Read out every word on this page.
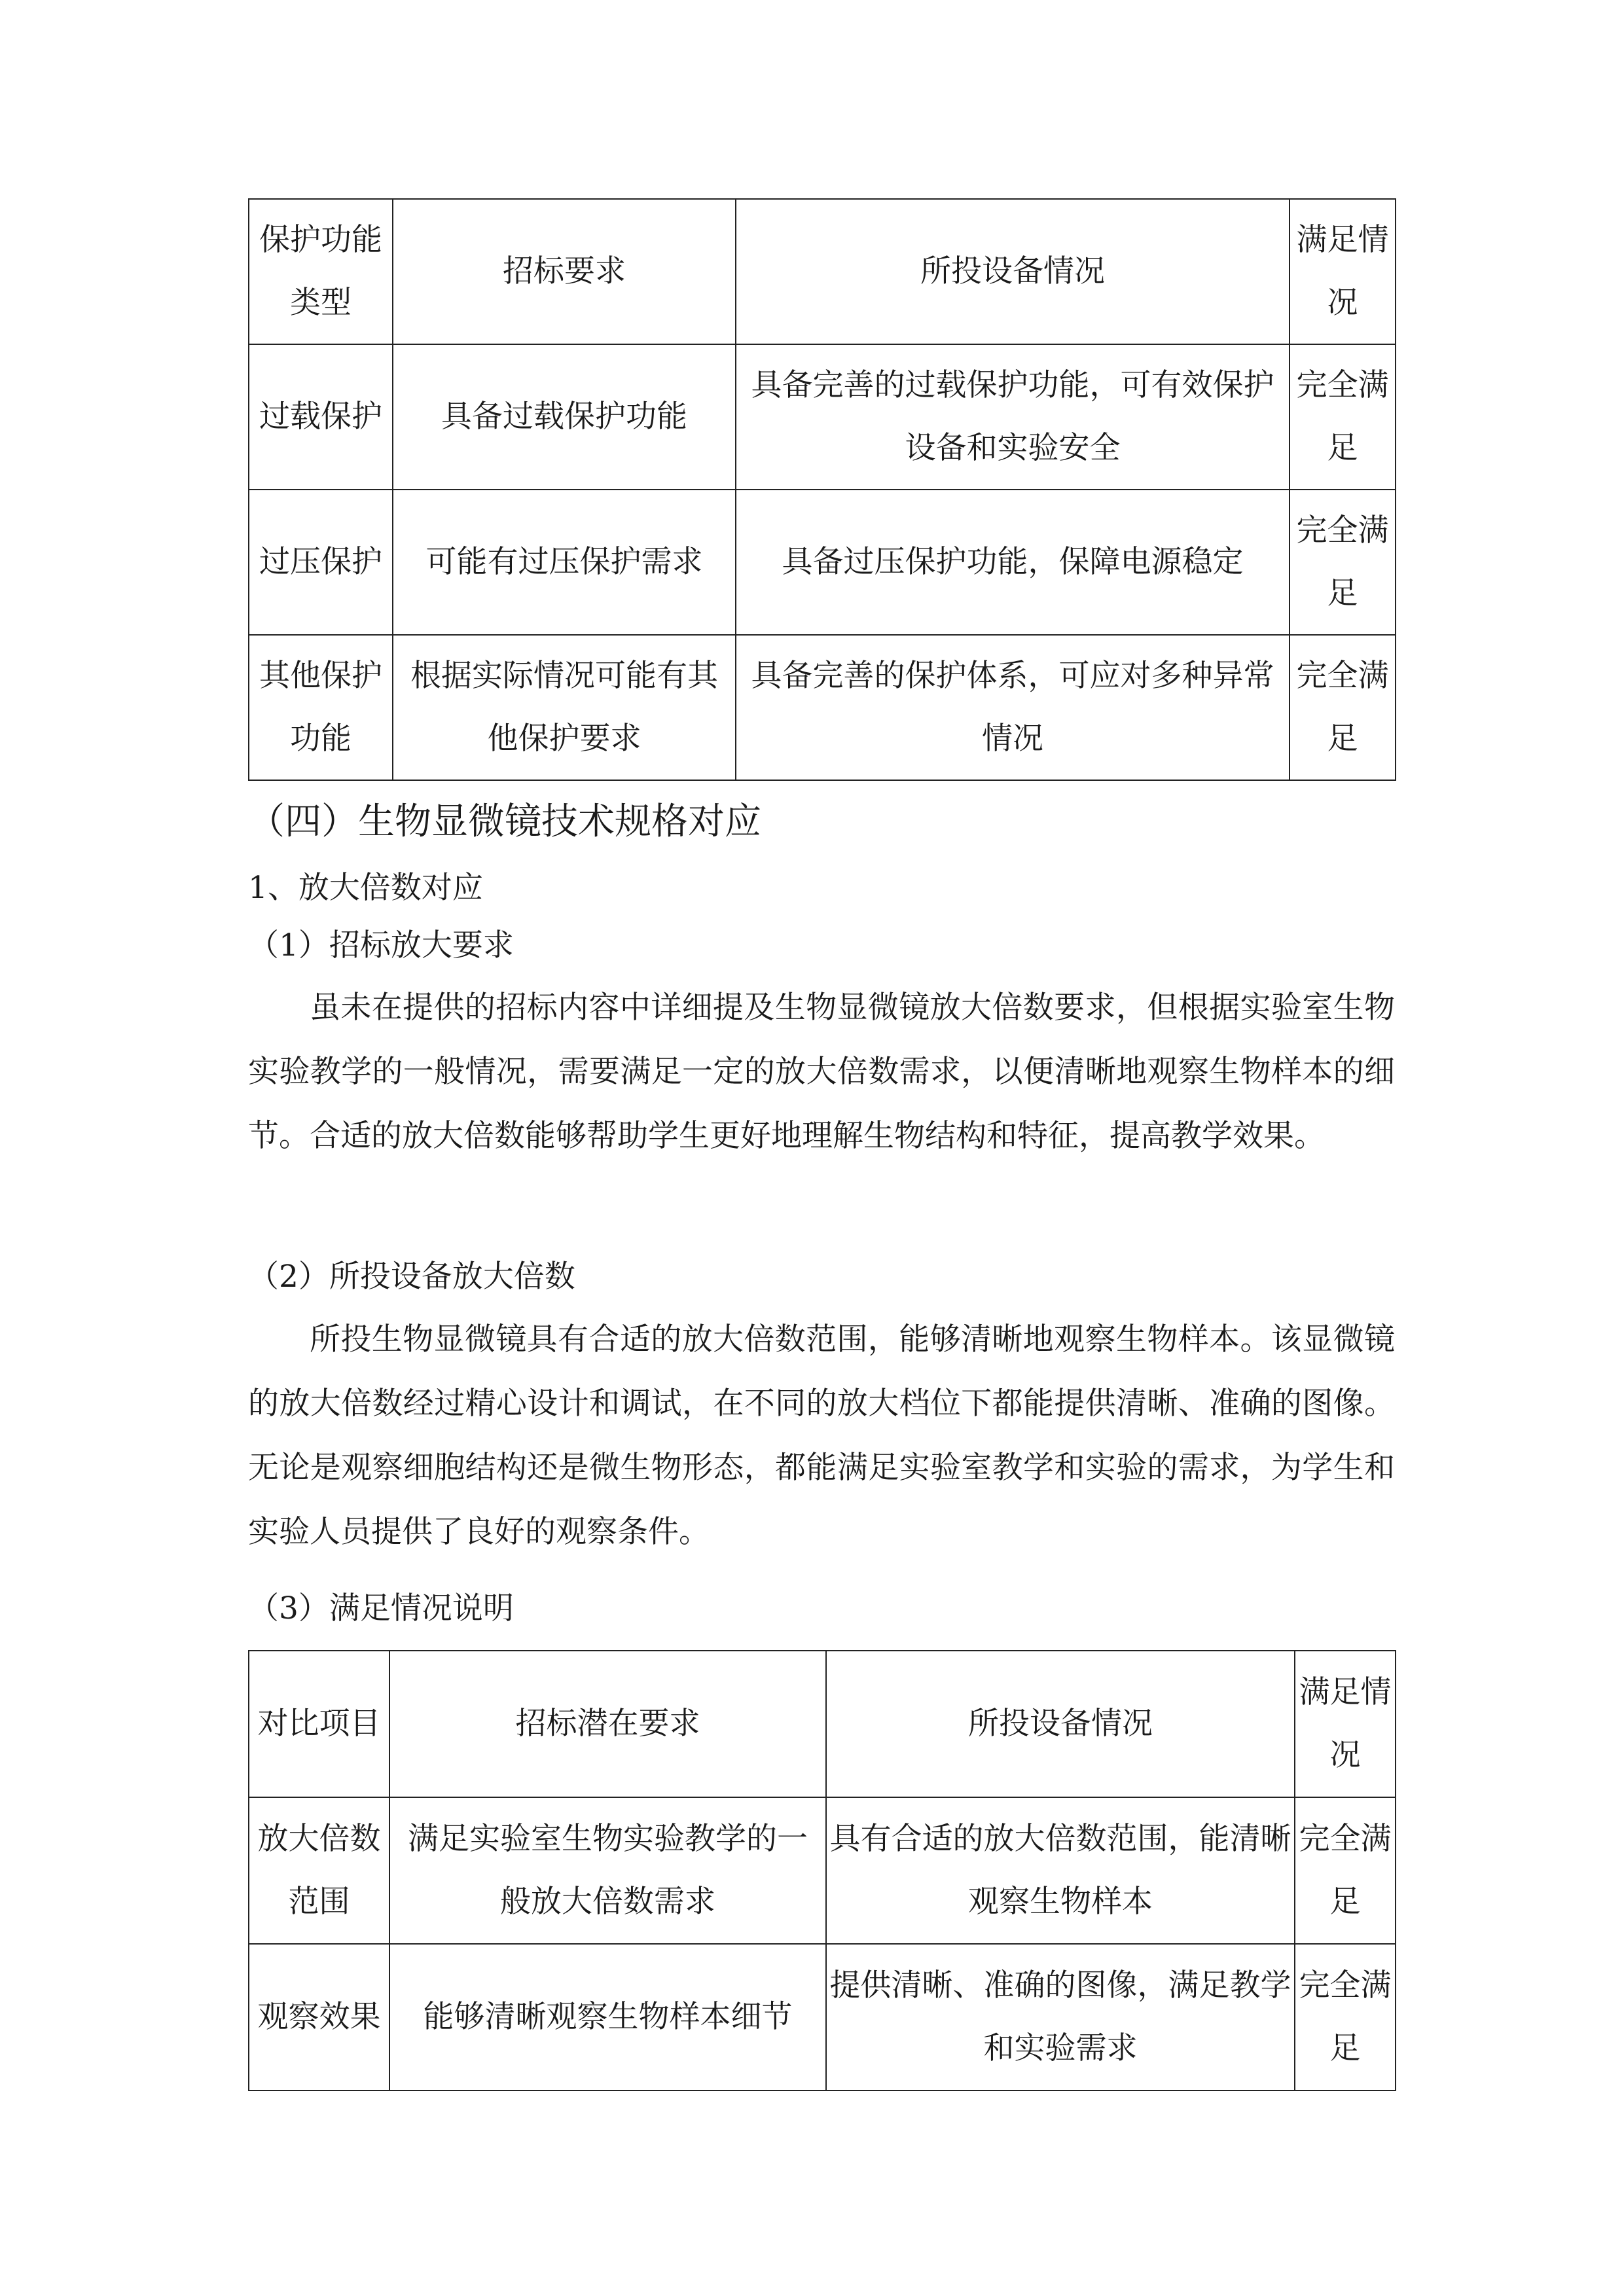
保护功能类型	招标要求	所投设备情况	满足情况
过载保护	具备过载保护功能	具备完善的过载保护功能，可有效保护设备和实验安全	完全满足
过压保护	可能有过压保护需求	具备过压保护功能，保障电源稳定	完全满足
其他保护功能	根据实际情况可能有其他保护要求	具备完善的保护体系，可应对多种异常情况	完全满足
（四）生物显微镜技术规格对应

1、放大倍数对应

（1）招标放大要求

虽未在提供的招标内容中详细提及生物显微镜放大倍数要求，但根据实验室生物实验教学的一般情况，需要满足一定的放大倍数需求，以便清晰地观察生物样本的细节。合适的放大倍数能够帮助学生更好地理解生物结构和特征，提高教学效果。

（2）所投设备放大倍数

所投生物显微镜具有合适的放大倍数范围，能够清晰地观察生物样本。该显微镜的放大倍数经过精心设计和调试，在不同的放大档位下都能提供清晰、准确的图像。无论是观察细胞结构还是微生物形态，都能满足实验室教学和实验的需求，为学生和实验人员提供了良好的观察条件。

（3）满足情况说明

对比项目	招标潜在要求	所投设备情况	满足情况
放大倍数范围	满足实验室生物实验教学的一般放大倍数需求	具有合适的放大倍数范围，能清晰观察生物样本	完全满足
观察效果	能够清晰观察生物样本细节	提供清晰、准确的图像，满足教学和实验需求	完全满足
